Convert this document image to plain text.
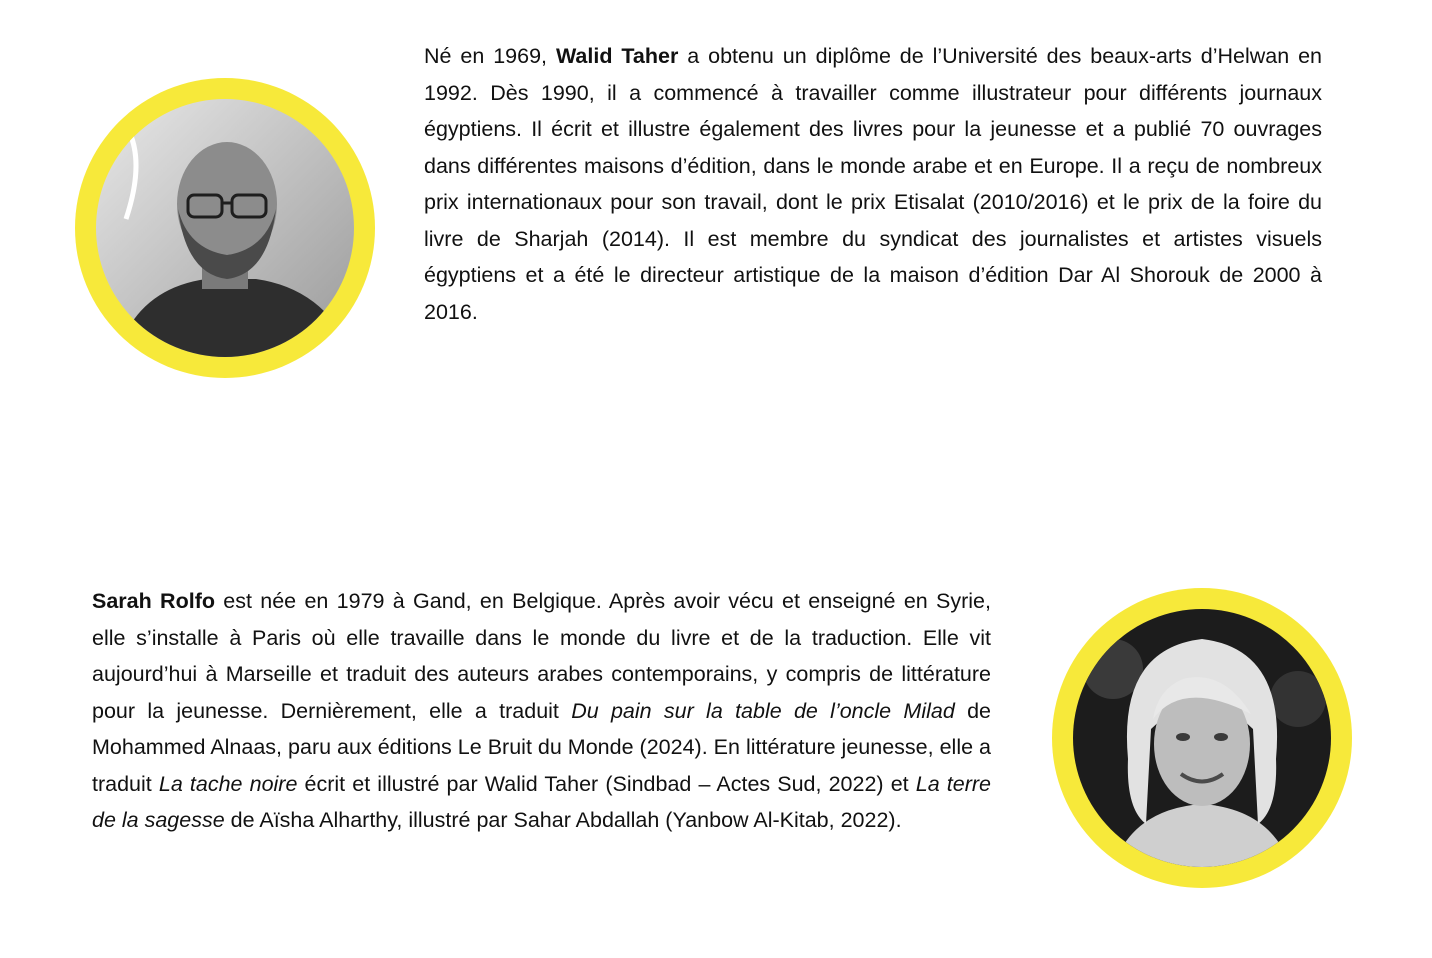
Né en 1969, Walid Taher a obtenu un diplôme de l’Université des beaux-arts d’Helwan en 1992. Dès 1990, il a commencé à travailler comme illustrateur pour différents journaux égyptiens. Il écrit et illustre également des livres pour la jeunesse et a publié 70 ouvrages dans différentes maisons d’édition, dans le monde arabe et en Europe. Il a reçu de nombreux prix internationaux pour son travail, dont le prix Etisalat (2010/2016) et le prix de la foire du livre de Sharjah (2014). Il est membre du syndicat des journalistes et artistes visuels égyptiens et a été le directeur artistique de la maison d’édition Dar Al Shorouk de 2000 à 2016.

Sarah Rolfo est née en 1979 à Gand, en Belgique. Après avoir vécu et enseigné en Syrie, elle s’installe à Paris où elle travaille dans le monde du livre et de la traduction. Elle vit aujourd’hui à Marseille et traduit des auteurs arabes contemporains, y compris de littérature pour la jeunesse. Dernièrement, elle a traduit Du pain sur la table de l’oncle Milad de Mohammed Alnaas, paru aux éditions Le Bruit du Monde (2024). En littérature jeunesse, elle a traduit La tache noire écrit et illustré par Walid Taher (Sindbad – Actes Sud, 2022) et La terre de la sagesse de Aïsha Alharthy, illustré par Sahar Abdallah (Yanbow Al-Kitab, 2022).
